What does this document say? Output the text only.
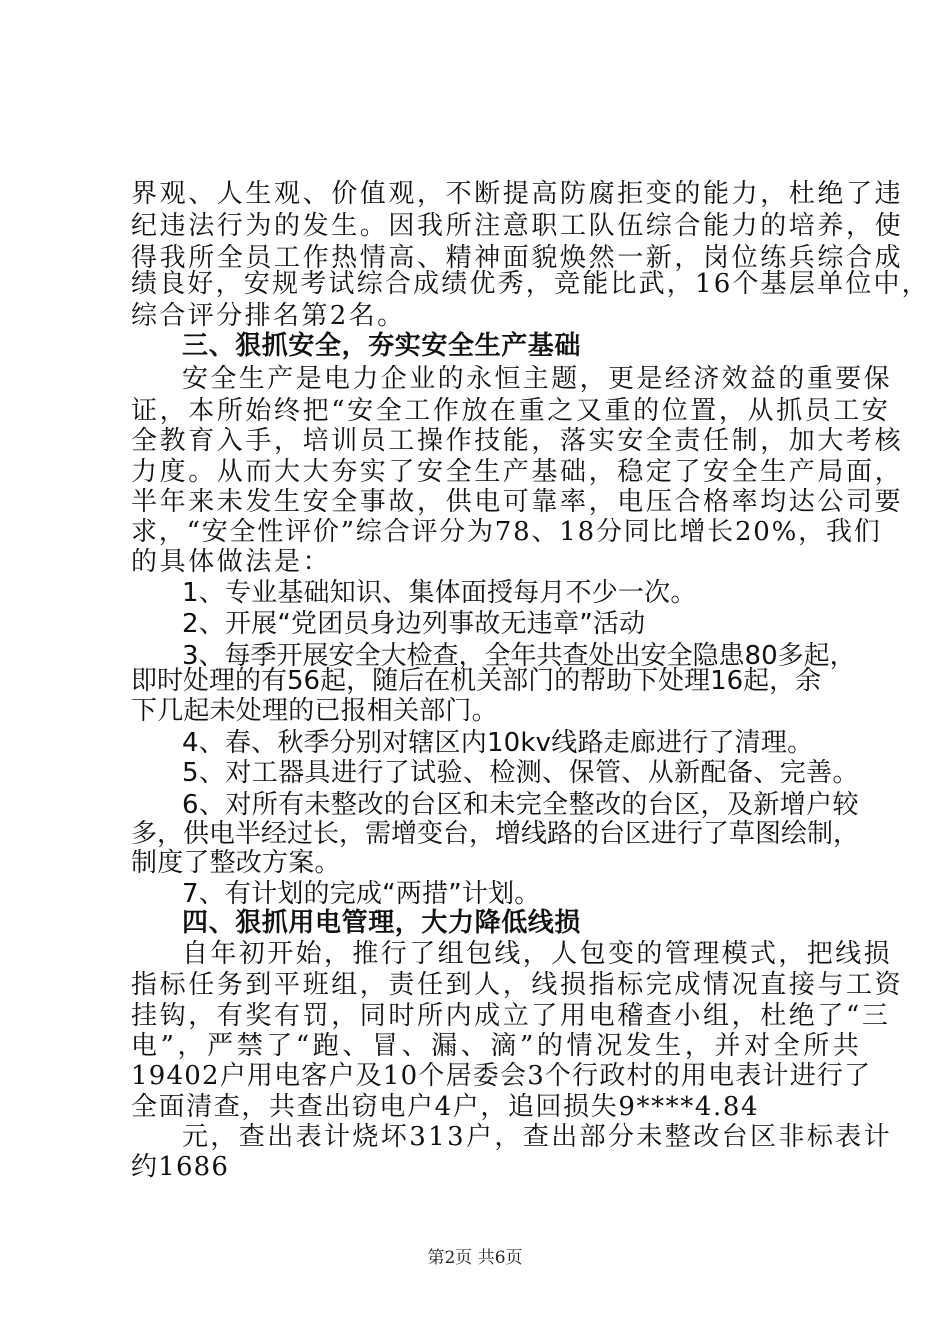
界观、人生观、价值观，不断提高防腐拒变的能力，杜绝了违
纪违法行为的发生。因我所注意职工队伍综合能力的培养，使
得我所全员工作热情高、精神面貌焕然一新，岗位练兵综合成
绩良好，安规考试综合成绩优秀，竞能比武，16个基层单位中，
综合评分排名第2名。
三、狠抓安全，夯实安全生产基础
安全生产是电力企业的永恒主题，更是经济效益的重要保
证，本所始终把“安全工作放在重之又重的位置，从抓员工安
全教育入手，培训员工操作技能，落实安全责任制，加大考核
力度。从而大大夯实了安全生产基础，稳定了安全生产局面，
半年来未发生安全事故，供电可靠率，电压合格率均达公司要
求，“安全性评价”综合评分为78、18分同比增长20%，我们
的具体做法是：
1、专业基础知识、集体面授每月不少一次。
2、开展“党团员身边列事故无违章”活动
3、每季开展安全大检查，全年共查处出安全隐患80多起，
即时处理的有56起，随后在机关部门的帮助下处理16起，余
下几起未处理的已报相关部门。
4、春、秋季分别对辖区内10kv线路走廊进行了清理。
5、对工器具进行了试验、检测、保管、从新配备、完善。
6、对所有未整改的台区和未完全整改的台区，及新增户较
多，供电半经过长，需增变台，增线路的台区进行了草图绘制，
制度了整改方案。
7、有计划的完成“两措”计划。
四、狠抓用电管理，大力降低线损
自年初开始，推行了组包线，人包变的管理模式，把线损
指标任务到平班组，责任到人，线损指标完成情况直接与工资
挂钩，有奖有罚，同时所内成立了用电稽查小组，杜绝了“三
电”，严禁了“跑、冒、漏、滴”的情况发生，并对全所共
19402户用电客户及10个居委会3个行政村的用电表计进行了
全面清查，共查出窃电户4户，追回损失9****4.84
元，查出表计烧坏313户，查出部分未整改台区非标表计
约1686
第2页 共6页
